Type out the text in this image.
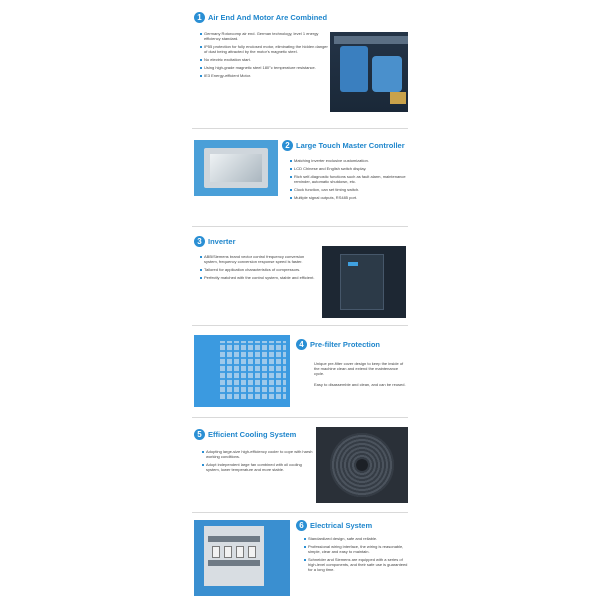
1 Air End And Motor Are Combined
Germany Rotorcomp air end. German technology, level 1 energy efficiency standard.
IP55 protection for fully enclosed motor, eliminating the hidden danger of dust being attracted by the motor's magnetic steel.
No electric excitation start.
Using high-grade magnetic steel 180°c temperature resistance.
IE3 Energy-efficient Motor.
2 Large Touch Master Controller
Matching inverter exclusive customization.
LCD Chinese and English switch display.
Rich self-diagnostic functions such as fault alarm, maintenance reminder, automatic shutdown, etc.
Clock function, can set timing switch.
Multiple signal outputs, RS485 port.
3 Inverter
ABB/Siemens brand vector control frequency conversion system, frequency conversion response speed is faster.
Tailored for application characteristics of compressors.
Perfectly matched with the control system, stable and efficient.
4 Pre-filter Protection
Unique pre-filter cover design to keep the inside of the machine clean and extend the maintenance cycle.
Easy to disassemble and clean, and can be reused.
5 Efficient Cooling System
Adopting large-size high-efficiency cooler to cope with harsh working conditions.
Adopt independent large fan combined with oil cooling system, lower temperature and more stable.
6 Electrical System
Standardized design, safe and reliable.
Professional wiring interface, the wiring is reasonable, simple, clear and easy to maintain.
Schneider and Siemens are equipped with a series of high-level components, and their safe use is guaranteed for a long time.
